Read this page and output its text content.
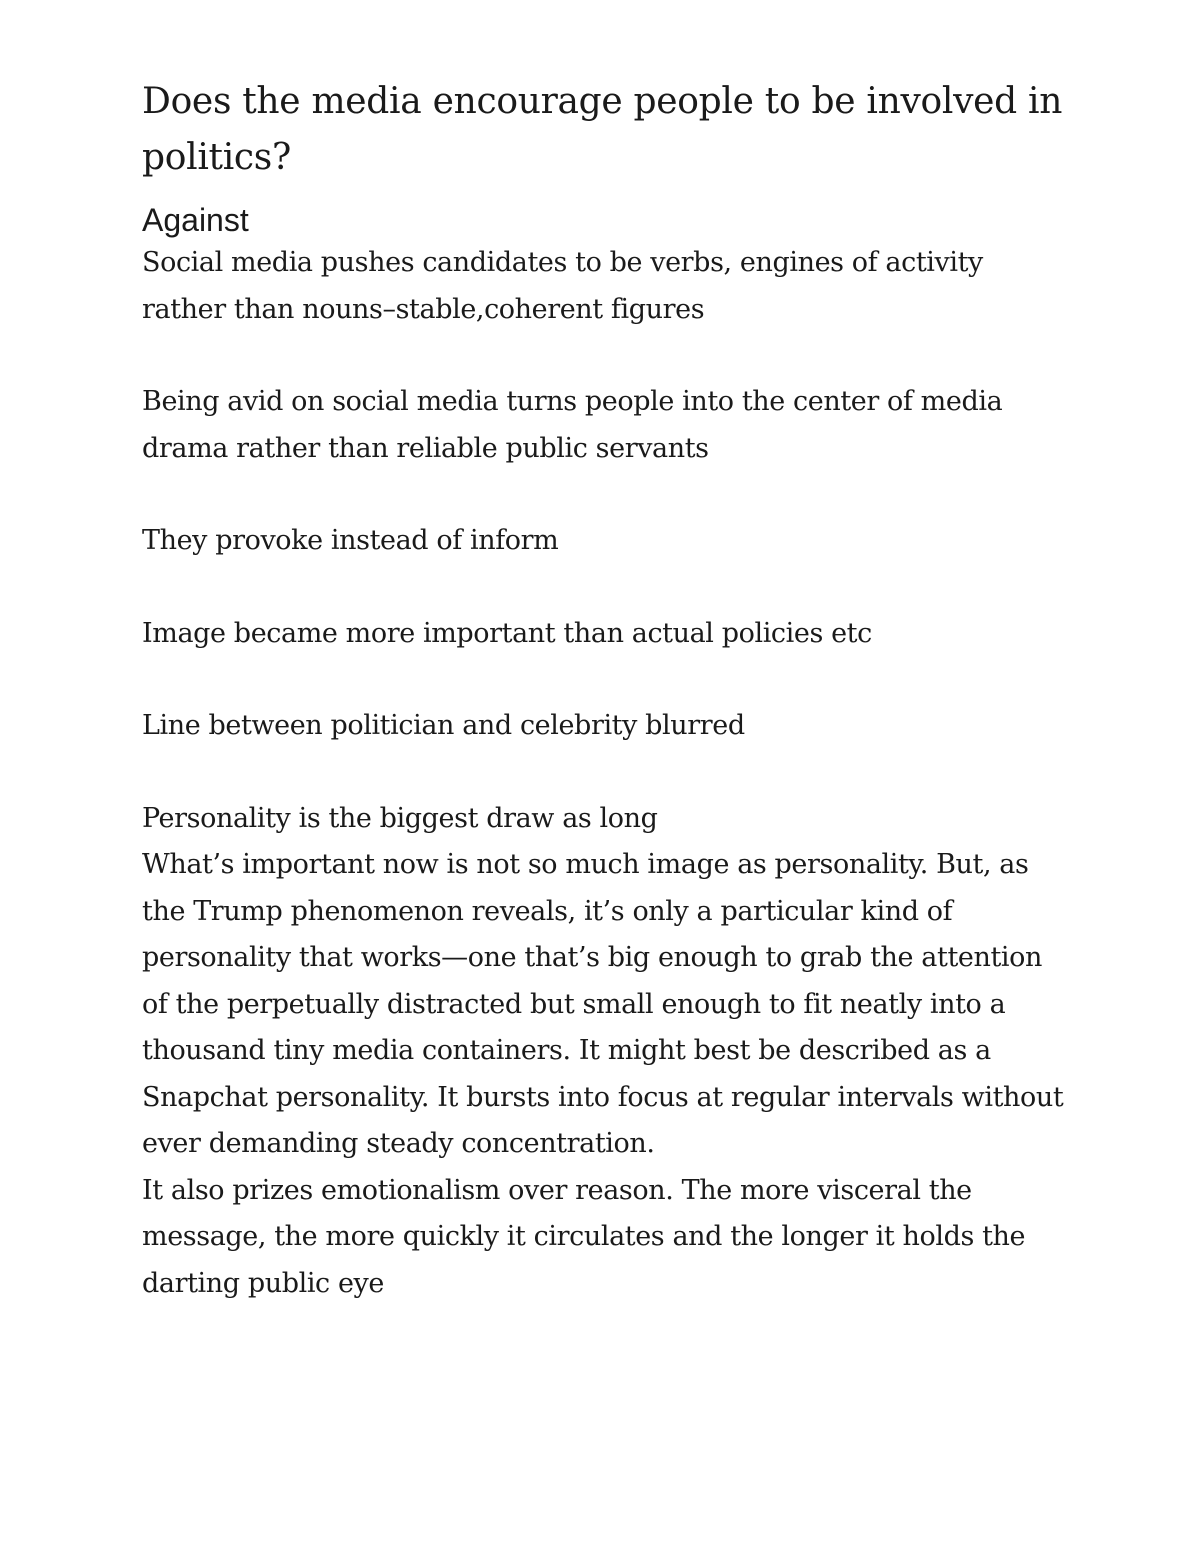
Does the media encourage people to be involved in politics?
Against

Social media pushes candidates to be verbs, engines of activity rather than nouns–stable,coherent figures

Being avid on social media turns people into the center of media drama rather than reliable public servants

They provoke instead of inform

Image became more important than actual policies etc

Line between politician and celebrity blurred

Personality is the biggest draw as long

What’s important now is not so much image as personality. But, as the Trump phenomenon reveals, it’s only a particular kind of personality that works—one that’s big enough to grab the attention of the perpetually distracted but small enough to fit neatly into a thousand tiny media containers. It might best be described as a Snapchat personality. It bursts into focus at regular intervals without ever demanding steady concentration.

It also prizes emotionalism over reason. The more visceral the message, the more quickly it circulates and the longer it holds the darting public eye
